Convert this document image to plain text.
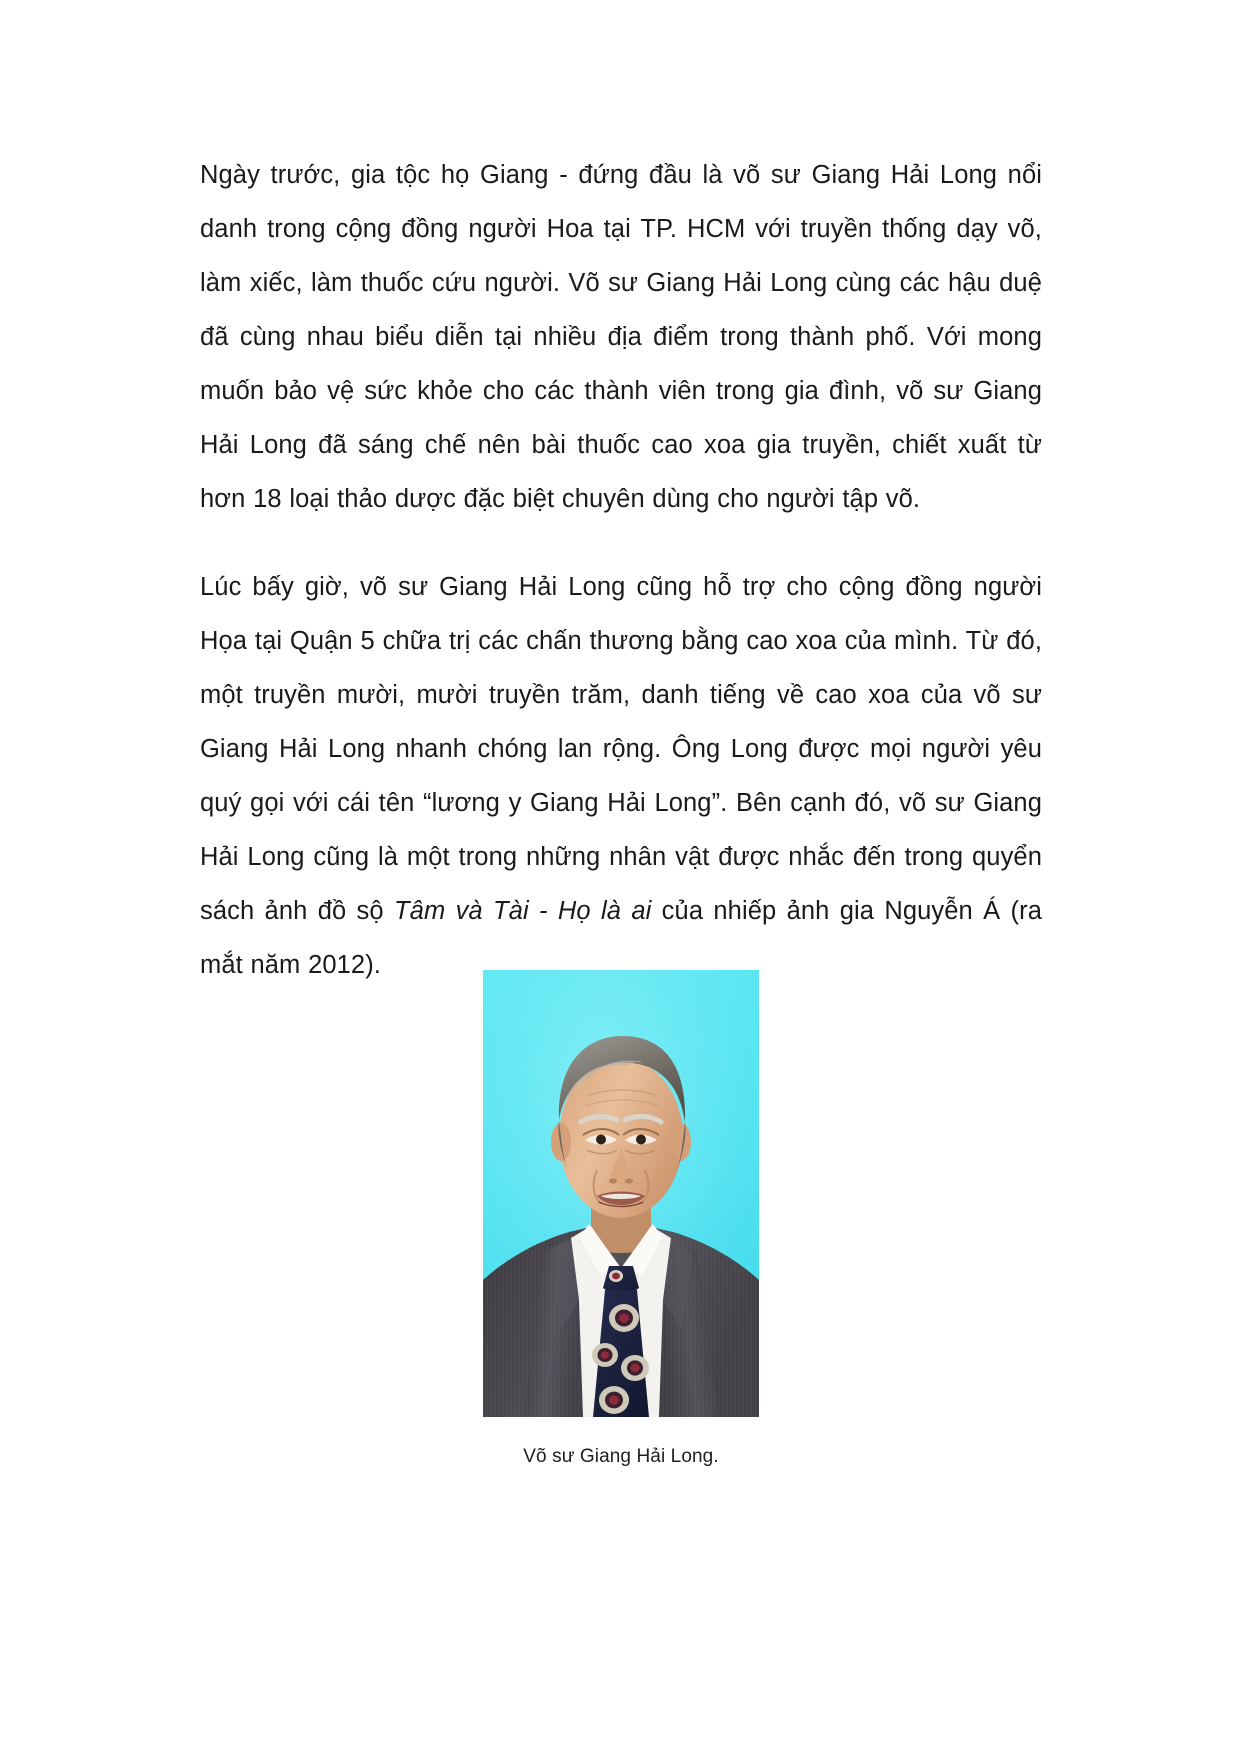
Ngày trước, gia tộc họ Giang - đứng đầu là võ sư Giang Hải Long nổi danh trong cộng đồng người Hoa tại TP. HCM với truyền thống dạy võ, làm xiếc, làm thuốc cứu người. Võ sư Giang Hải Long cùng các hậu duệ đã cùng nhau biểu diễn tại nhiều địa điểm trong thành phố. Với mong muốn bảo vệ sức khỏe cho các thành viên trong gia đình, võ sư Giang Hải Long đã sáng chế nên bài thuốc cao xoa gia truyền, chiết xuất từ hơn 18 loại thảo dược đặc biệt chuyên dùng cho người tập võ.

Lúc bấy giờ, võ sư Giang Hải Long cũng hỗ trợ cho cộng đồng người Họa tại Quận 5 chữa trị các chấn thương bằng cao xoa của mình. Từ đó, một truyền mười, mười truyền trăm, danh tiếng về cao xoa của võ sư Giang Hải Long nhanh chóng lan rộng. Ông Long được mọi người yêu quý gọi với cái tên “lương y Giang Hải Long”. Bên cạnh đó, võ sư Giang Hải Long cũng là một trong những nhân vật được nhắc đến trong quyển sách ảnh đồ sộ Tâm và Tài - Họ là ai của nhiếp ảnh gia Nguyễn Á (ra mắt năm 2012).

Võ sư Giang Hải Long.
